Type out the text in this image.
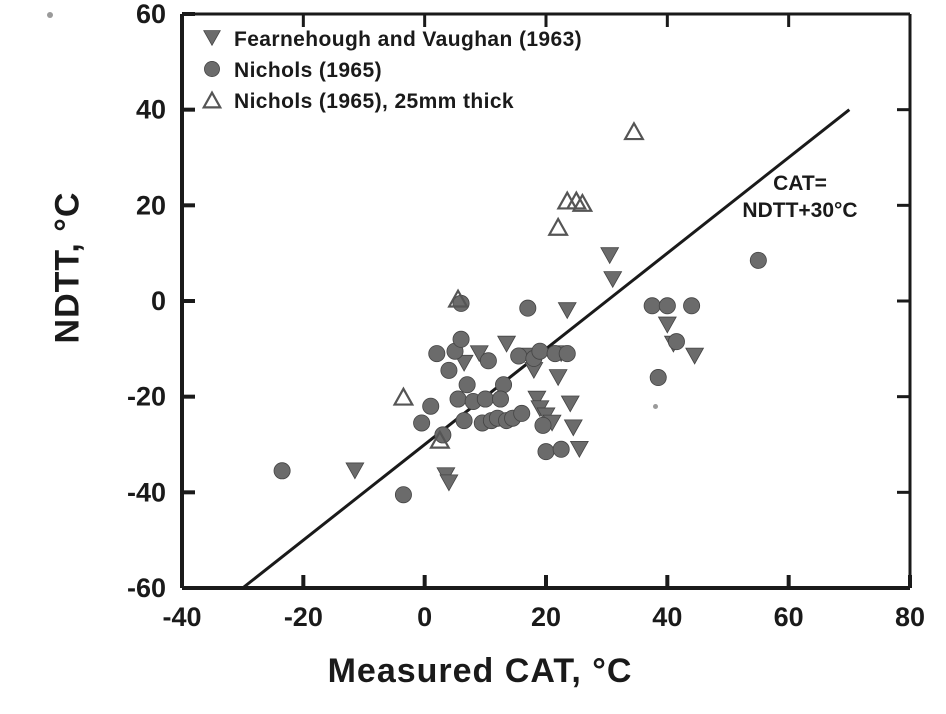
NDTT, °C
Measured CAT, °C
-40	-20	0	20	40	60	80
-60
-40
-20
0
20
40
60
Fearnehough and Vaughan (1963)
Nichols (1965)
Nichols (1965), 25mm thick
CAT=
NDTT+30°C
